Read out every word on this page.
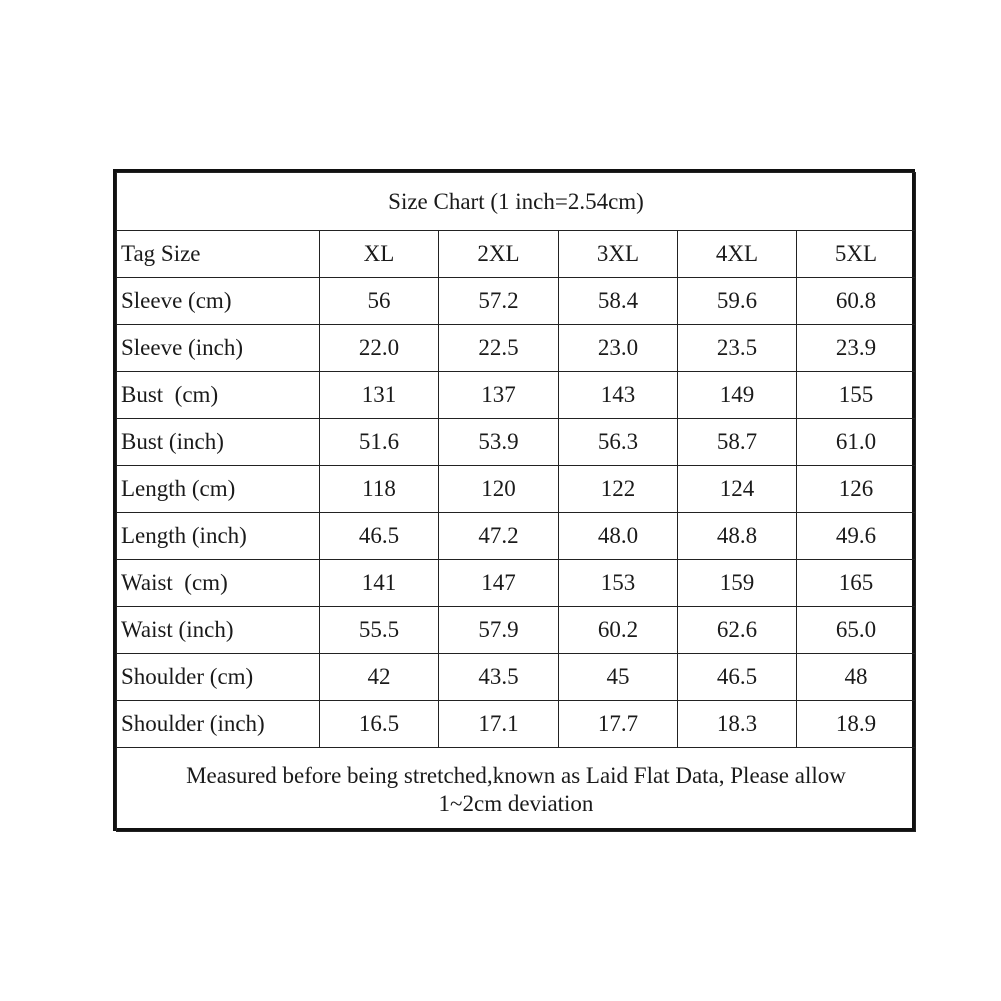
Size Chart (1 inch=2.54cm)					
Tag Size	XL	2XL	3XL	4XL	5XL
Sleeve (cm)	56	57.2	58.4	59.6	60.8
Sleeve (inch)	22.0	22.5	23.0	23.5	23.9
Bust  (cm)	131	137	143	149	155
Bust (inch)	51.6	53.9	56.3	58.7	61.0
Length (cm)	118	120	122	124	126
Length (inch)	46.5	47.2	48.0	48.8	49.6
Waist  (cm)	141	147	153	159	165
Waist (inch)	55.5	57.9	60.2	62.6	65.0
Shoulder (cm)	42	43.5	45	46.5	48
Shoulder (inch)	16.5	17.1	17.7	18.3	18.9

Measured before being stretched,known as Laid Flat Data, Please allow
1~2cm deviation					
